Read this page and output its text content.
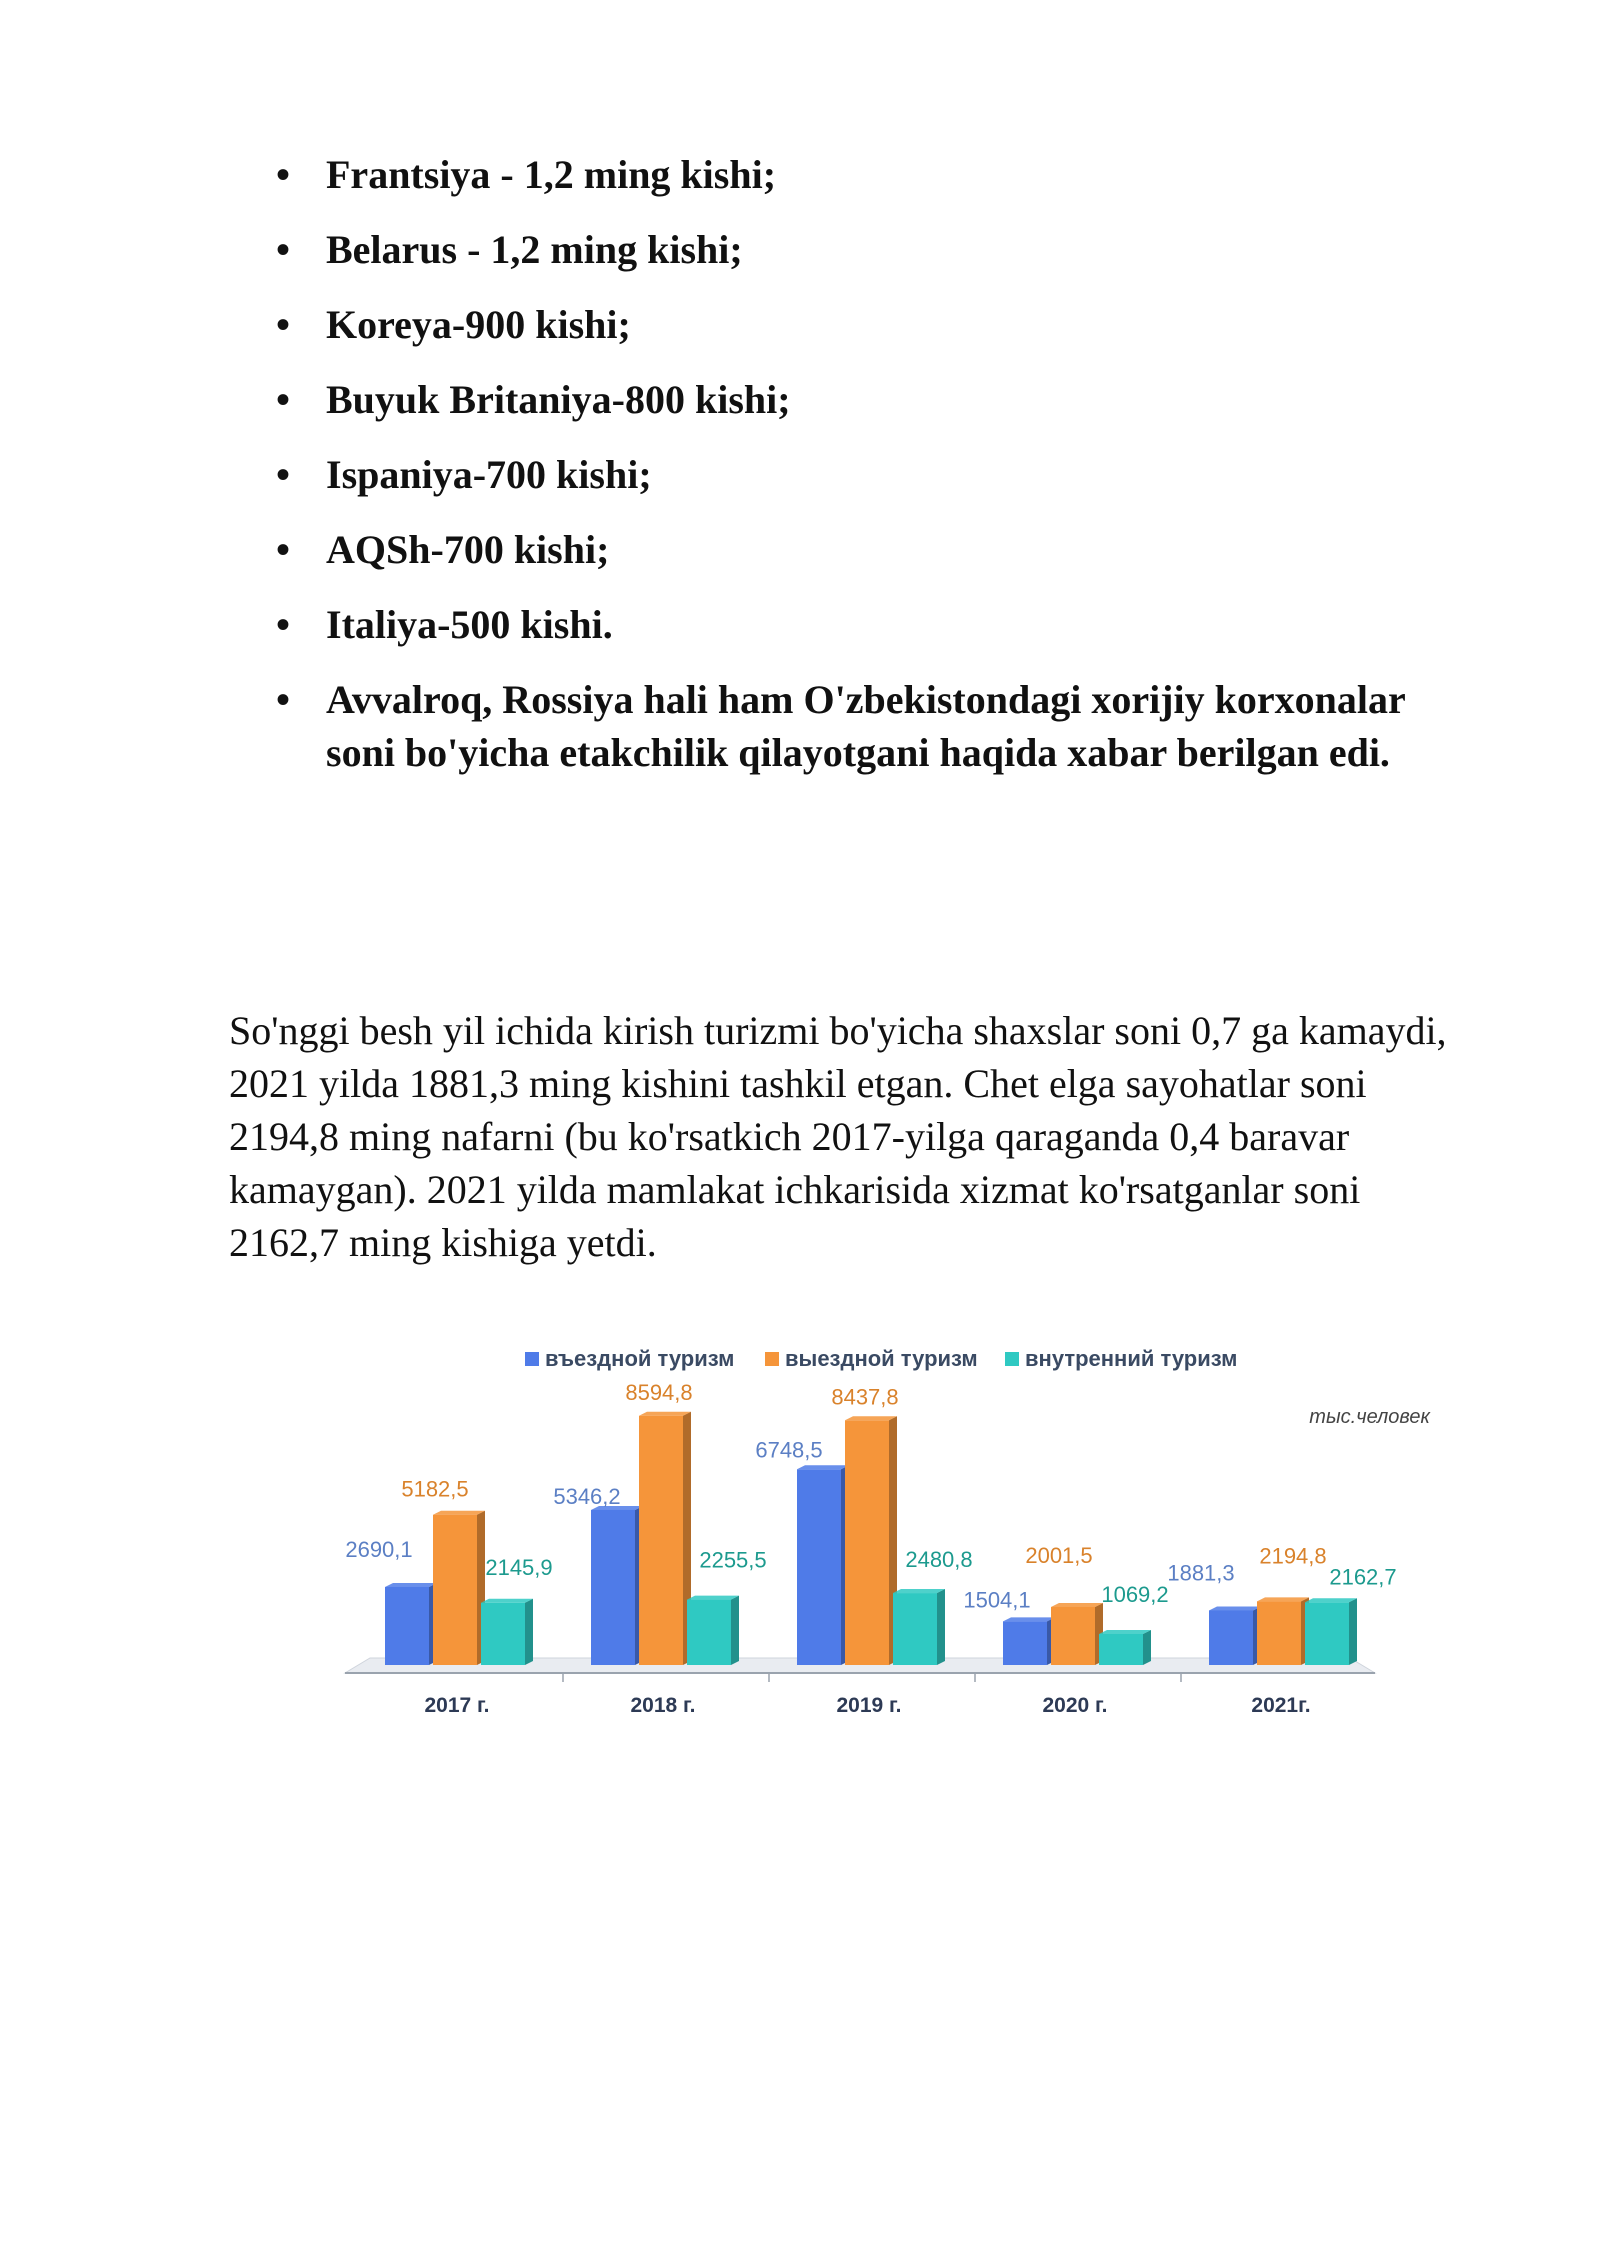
• Frantsiya - 1,2 ming kishi;
• Belarus - 1,2 ming kishi;
• Koreya-900 kishi;
• Buyuk Britaniya-800 kishi;
• Ispaniya-700 kishi;
• AQSh-700 kishi;
• Italiya-500 kishi.
• Avvalroq, Rossiya hali ham O'zbekistondagi xorijiy korxonalar soni bo'yicha etakchilik qilayotgani haqida xabar berilgan edi.
So'nggi besh yil ichida kirish turizmi bo'yicha shaxslar soni 0,7 ga kamaydi, 2021 yilda 1881,3 ming kishini tashkil etgan. Chet elga sayohatlar soni
2194,8 ming nafarni (bu ko'rsatkich 2017-yilga qaraganda 0,4 baravar kamaygan). 2021 yilda mamlakat ichkarisida xizmat ko'rsatganlar soni 2162,7 ming kishiga yetdi.
въездной туризм выездной туризм внутренний туризм
тыс.человек
2690,1
5182,5
2145,9
2017 г.
5346,2
8594,8
2255,5
2018 г.
6748,5
8437,8
2480,8
2019 г.
1504,1
2001,5
1069,2
2020 г.
1881,3
2194,8
2162,7
2021г.
